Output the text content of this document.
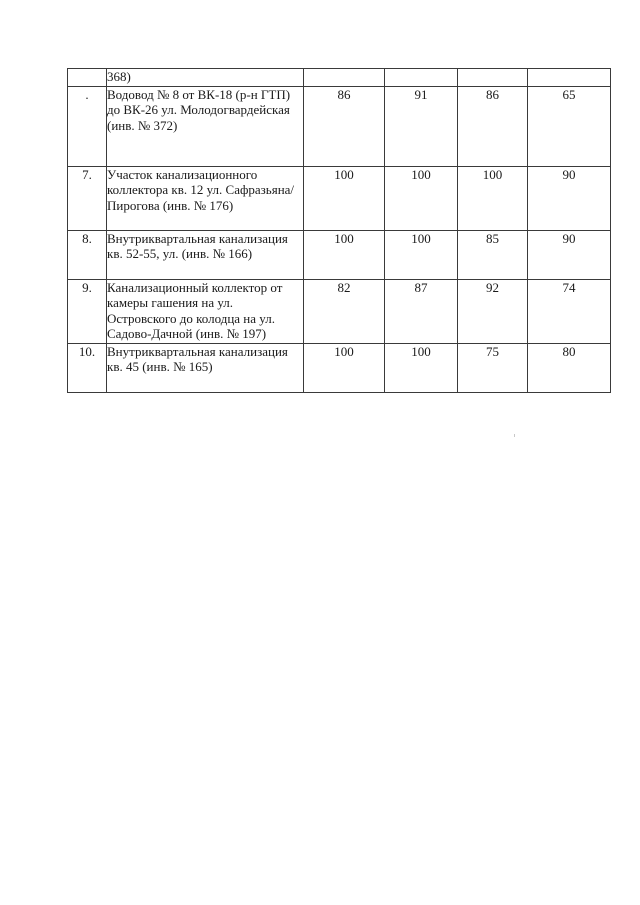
	368)				
.	Водовод № 8 от ВК-18 (р-н ГТП) до ВК-26 ул. Молодогвардейская (инв. № 372)	86	91	86	65
7.	Участок канализационного коллектора кв. 12 ул. Сафразьяна/Пирогова (инв. № 176)	100	100	100	90
8.	Внутриквартальная канализация кв. 52-55, ул. (инв. № 166)	100	100	85	90
9.	Канализационный коллектор от камеры гашения на ул. Островского до колодца на ул. Садово-Дачной (инв. № 197)	82	87	92	74
10.	Внутриквартальная канализация кв. 45 (инв. № 165)	100	100	75	80
